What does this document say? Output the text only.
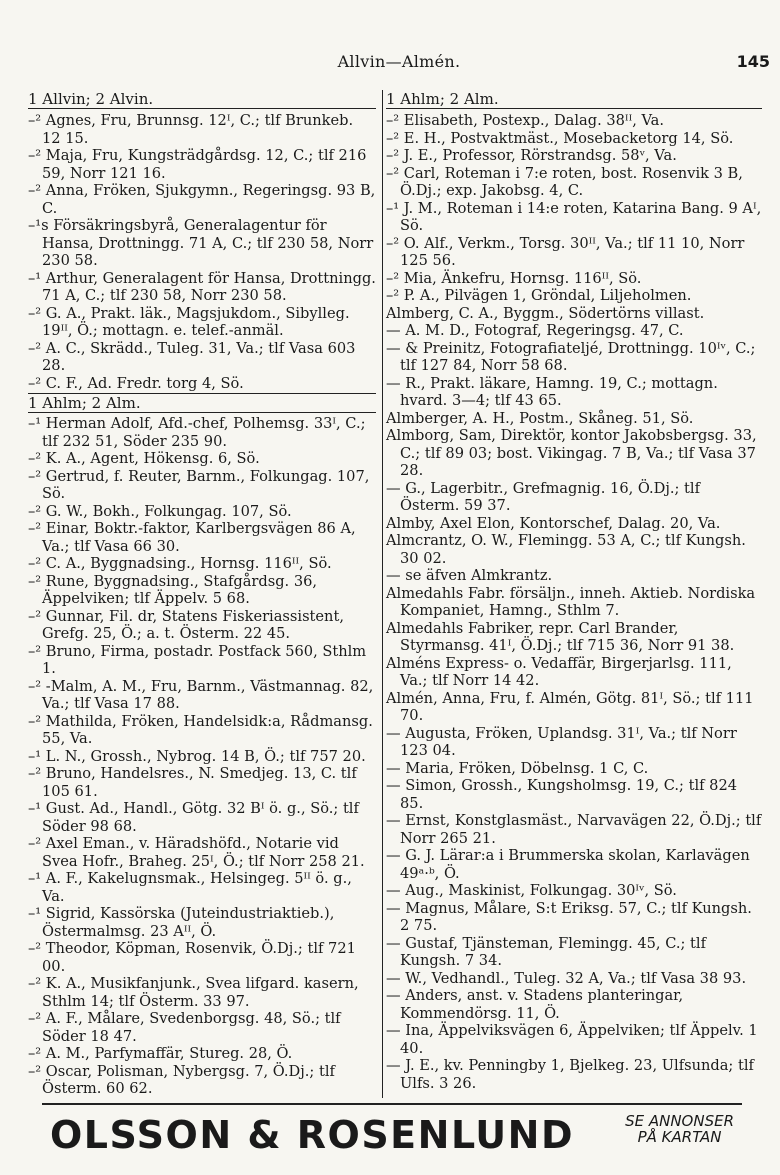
Allvin—Almén.	145
1 Allvin; 2 Alvin.

–² Agnes, Fru, Brunnsg. 12ᴵ, C.; tlf Brunkeb. 12 15.

–² Maja, Fru, Kungsträdgårdsg. 12, C.; tlf 216 59, Norr 121 16.

–² Anna, Fröken, Sjukgymn., Regeringsg. 93 B, C.

–¹s Försäkringsbyrå, Generalagentur för Hansa, Drottningg. 71 A, C.; tlf 230 58, Norr 230 58.

–¹ Arthur, Generalagent för Hansa, Drottningg. 71 A, C.; tlf 230 58, Norr 230 58.

–² G. A., Prakt. läk., Magsjukdom., Sibylleg. 19ᴵᴵ, Ö.; mottagn. e. telef.-anmäl.

–² A. C., Skrädd., Tuleg. 31, Va.; tlf Vasa 603 28.

–² C. F., Ad. Fredr. torg 4, Sö.

1 Ahlm; 2 Alm.

–¹ Herman Adolf, Afd.-chef, Polhemsg. 33ᴵ, C.; tlf 232 51, Söder 235 90.

–² K. A., Agent, Hökensg. 6, Sö.

–² Gertrud, f. Reuter, Barnm., Folkungag. 107, Sö.

–² G. W., Bokh., Folkungag. 107, Sö.

–² Einar, Boktr.-faktor, Karlbergsvägen 86 A, Va.; tlf Vasa 66 30.

–² C. A., Byggnadsing., Hornsg. 116ᴵᴵ, Sö.

–² Rune, Byggnadsing., Stafgårdsg. 36, Äppelviken; tlf Äppelv. 5 68.

–² Gunnar, Fil. dr, Statens Fiskeriassistent, Grefg. 25, Ö.; a. t. Österm. 22 45.

–² Bruno, Firma, postadr. Postfack 560, Sthlm 1.

–² -Malm, A. M., Fru, Barnm., Västmannag. 82, Va.; tlf Vasa 17 88.

–² Mathilda, Fröken, Handelsidk:a, Rådmansg. 55, Va.

–¹ L. N., Grossh., Nybrog. 14 B, Ö.; tlf 757 20.

–² Bruno, Handelsres., N. Smedjeg. 13, C. tlf 105 61.

–¹ Gust. Ad., Handl., Götg. 32 Bᴵ ö. g., Sö.; tlf Söder 98 68.

–² Axel Eman., v. Häradshöfd., Notarie vid Svea Hofr., Braheg. 25ᴵ, Ö.; tlf Norr 258 21.

–¹ A. F., Kakelugnsmak., Helsingeg. 5ᴵᴵ ö. g., Va.

–¹ Sigrid, Kassörska (Juteindustriaktieb.), Östermalmsg. 23 Aᴵᴵ, Ö.

–² Theodor, Köpman, Rosenvik, Ö.Dj.; tlf 721 00.

–² K. A., Musikfanjunk., Svea lifgard. kasern, Sthlm 14; tlf Österm. 33 97.

–² A. F., Målare, Svedenborgsg. 48, Sö.; tlf Söder 18 47.

–² A. M., Parfymaffär, Stureg. 28, Ö.

–² Oscar, Polisman, Nybergsg. 7, Ö.Dj.; tlf Österm. 60 62.

1 Ahlm; 2 Alm.

–² Elisabeth, Postexp., Dalag. 38ᴵᴵ, Va.

–² E. H., Postvaktmäst., Mosebacketorg 14, Sö.

–² J. E., Professor, Rörstrandsg. 58ᵛ, Va.

–² Carl, Roteman i 7:e roten, bost. Rosenvik 3 B, Ö.Dj.; exp. Jakobsg. 4, C.

–¹ J. M., Roteman i 14:e roten, Katarina Bang. 9 Aᴵ, Sö.

–² O. Alf., Verkm., Torsg. 30ᴵᴵ, Va.; tlf 11 10, Norr 125 56.

–² Mia, Änkefru, Hornsg. 116ᴵᴵ, Sö.

–² P. A., Pilvägen 1, Gröndal, Liljeholmen.

Almberg, C. A., Byggm., Södertörns villast.

— A. M. D., Fotograf, Regeringsg. 47, C.

— & Preinitz, Fotografiateljé, Drottningg. 10ᴵᵛ, C.; tlf 127 84, Norr 58 68.

— R., Prakt. läkare, Hamng. 19, C.; mottagn. hvard. 3—4; tlf 43 65.

Almberger, A. H., Postm., Skåneg. 51, Sö.

Almborg, Sam, Direktör, kontor Jakobsbergsg. 33, C.; tlf 89 03; bost. Vikingag. 7 B, Va.; tlf Vasa 37 28.

— G., Lagerbitr., Grefmagnig. 16, Ö.Dj.; tlf Österm. 59 37.

Almby, Axel Elon, Kontorschef, Dalag. 20, Va.

Almcrantz, O. W., Flemingg. 53 A, C.; tlf Kungsh. 30 02.

— se äfven Almkrantz.

Almedahls Fabr. försäljn., inneh. Aktieb. Nordiska Kompaniet, Hamng., Sthlm 7.

Almedahls Fabriker, repr. Carl Brander, Styrmansg. 41ᴵ, Ö.Dj.; tlf 715 36, Norr 91 38.

Alméns Express- o. Vedaffär, Birgerjarlsg. 111, Va.; tlf Norr 14 42.

Almén, Anna, Fru, f. Almén, Götg. 81ᴵ, Sö.; tlf 111 70.

— Augusta, Fröken, Uplandsg. 31ᴵ, Va.; tlf Norr 123 04.

— Maria, Fröken, Döbelnsg. 1 C, C.

— Simon, Grossh., Kungsholmsg. 19, C.; tlf 824 85.

— Ernst, Konstglasmäst., Narvavägen 22, Ö.Dj.; tlf Norr 265 21.

— G. J. Lärar:a i Brummerska skolan, Karlavägen 49ᵃ·ᵇ, Ö.

— Aug., Maskinist, Folkungag. 30ᴵᵛ, Sö.

— Magnus, Målare, S:t Eriksg. 57, C.; tlf Kungsh. 2 75.

— Gustaf, Tjänsteman, Flemingg. 45, C.; tlf Kungsh. 7 34.

— W., Vedhandl., Tuleg. 32 A, Va.; tlf Vasa 38 93.

— Anders, anst. v. Stadens planteringar, Kommendörsg. 11, Ö.

— Ina, Äppelviksvägen 6, Äppelviken; tlf Äppelv. 1 40.

— J. E., kv. Penningby 1, Bjelkeg. 23, Ulfsunda; tlf Ulfs. 3 26.

OLSSON & ROSENLUND	SE ANNONSER
PÅ KARTAN
